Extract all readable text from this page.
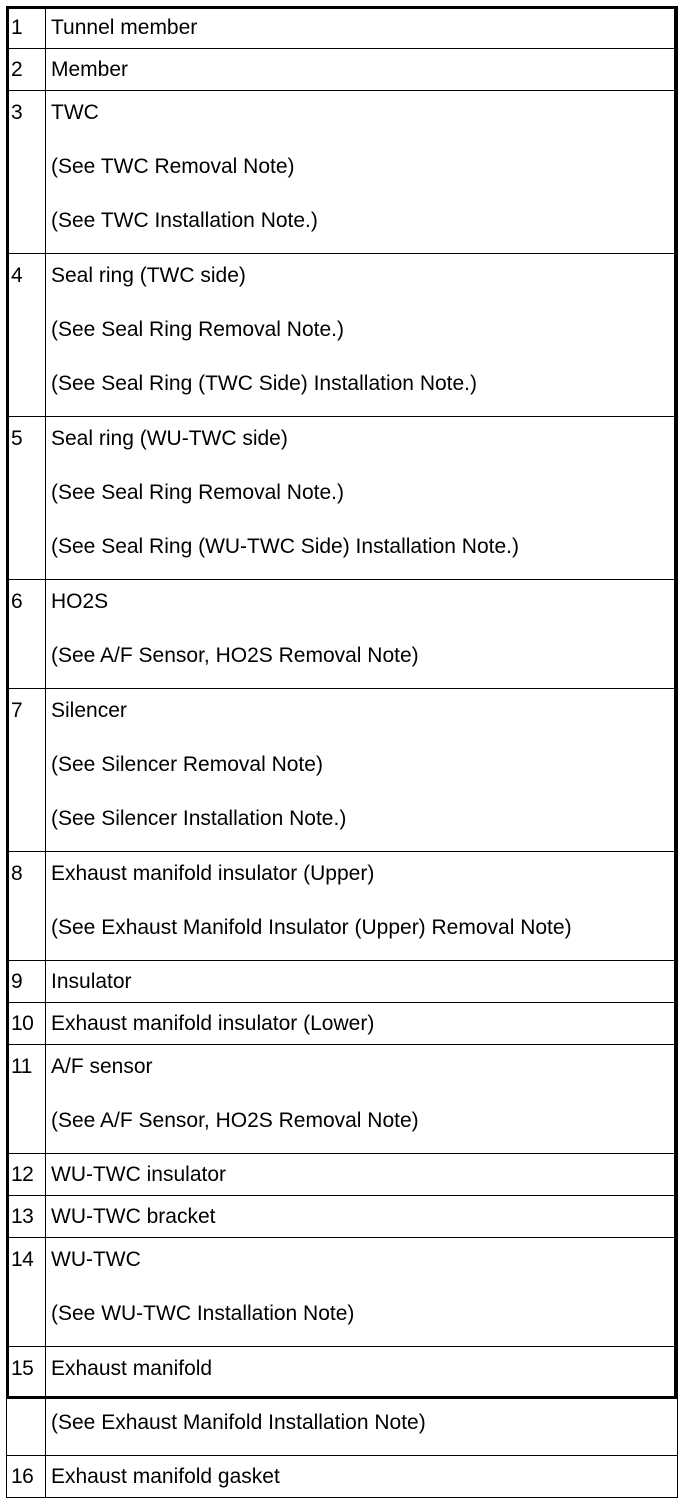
1	Tunnel member

2	Member

3	TWC
(See TWC Removal Note)
(See TWC Installation Note.)

4	Seal ring (TWC side)
(See Seal Ring Removal Note.)
(See Seal Ring (TWC Side) Installation Note.)

5	Seal ring (WU-TWC side)
(See Seal Ring Removal Note.)
(See Seal Ring (WU-TWC Side) Installation Note.)

6	HO2S
(See A/F Sensor, HO2S Removal Note)

7	Silencer
(See Silencer Removal Note)
(See Silencer Installation Note.)

8	Exhaust manifold insulator (Upper)
(See Exhaust Manifold Insulator (Upper) Removal Note)

9	Insulator

10	Exhaust manifold insulator (Lower)

11	A/F sensor
(See A/F Sensor, HO2S Removal Note)

12	WU-TWC insulator

13	WU-TWC bracket

14	WU-TWC
(See WU-TWC Installation Note)

15	Exhaust manifold
(See Exhaust Manifold Installation Note)

16	Exhaust manifold gasket
